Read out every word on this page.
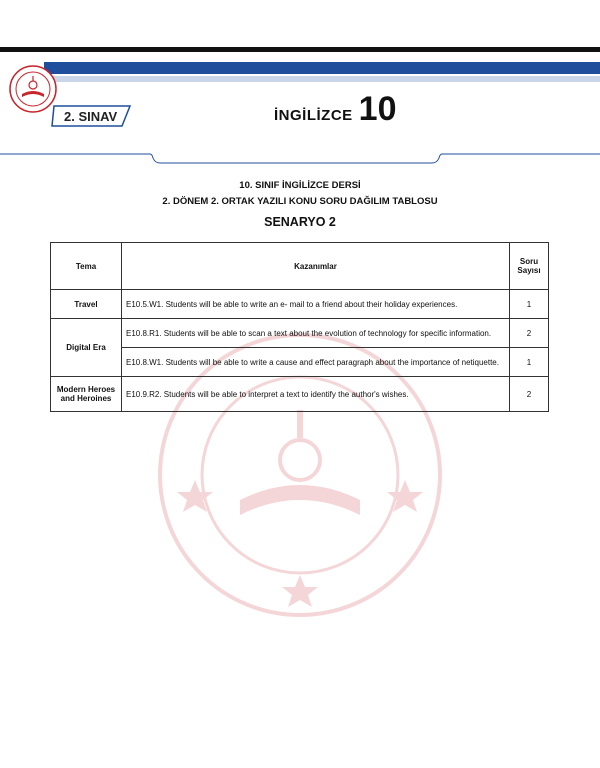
2. SINAV	İNGİLİZCE 10
10. SINIF İNGİLİZCE DERSİ
2. DÖNEM 2. ORTAK YAZILI KONU SORU DAĞILIM TABLOSU
SENARYO 2
Tema	Kazanımlar	Soru Sayısı
Travel	E10.5.W1. Students will be able to write an e- mail to a friend about their holiday experiences.	1
Digital Era	E10.8.R1. Students will be able to scan a text about the evolution of technology for specific information.	2
	E10.8.W1. Students will be able to write a cause and effect paragraph about the importance of netiquette.	1
Modern Heroes and Heroines	E10.9.R2. Students will be able to interpret a text to identify the author's wishes.	2
